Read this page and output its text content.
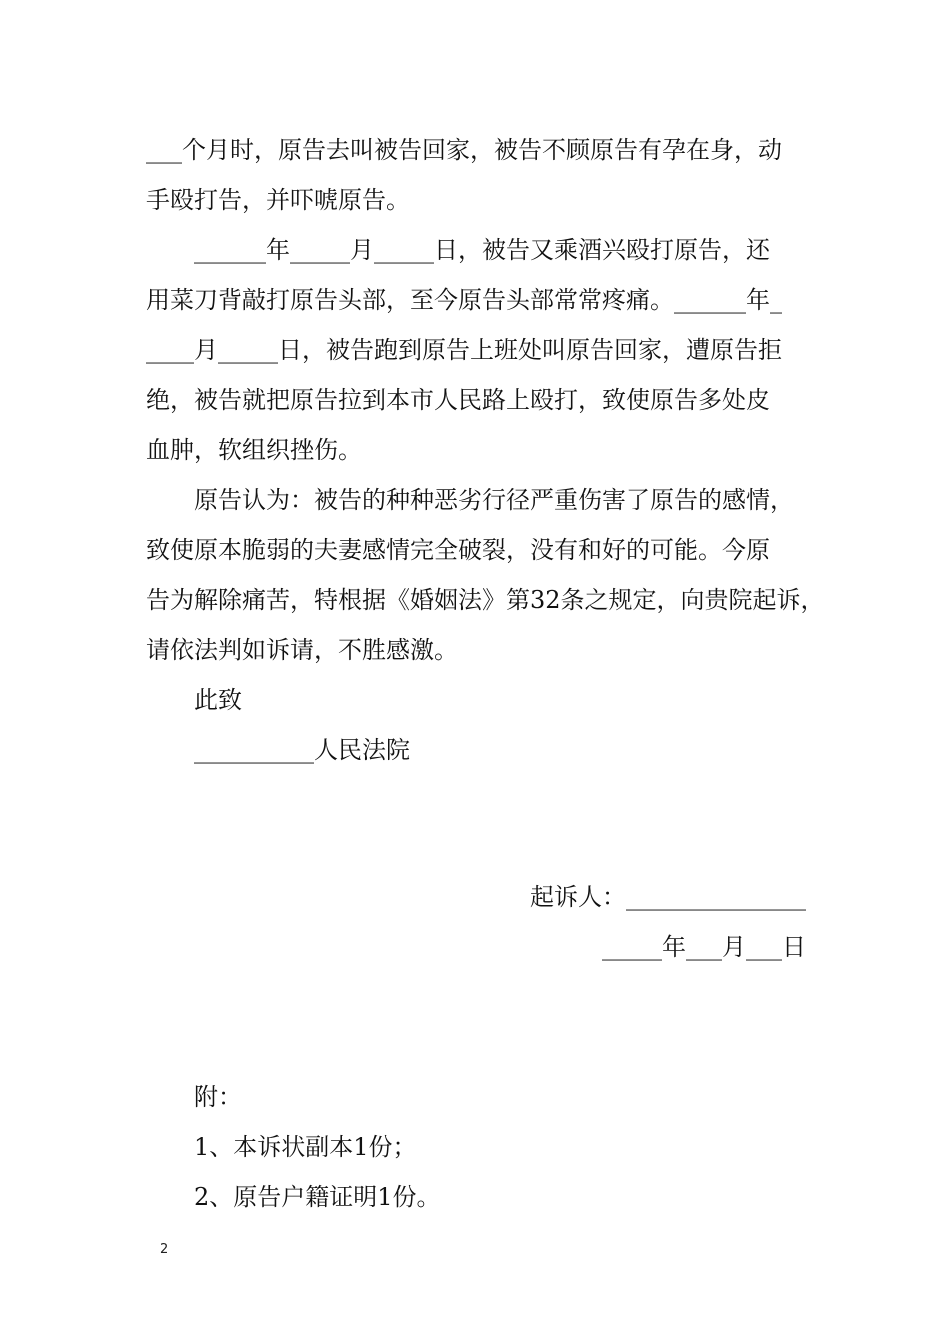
___个月时，原告去叫被告回家，被告不顾原告有孕在身，动
手殴打告，并吓唬原告。
______年_____月_____日，被告又乘酒兴殴打原告，还
用菜刀背敲打原告头部，至今原告头部常常疼痛。______年_
____月_____日，被告跑到原告上班处叫原告回家，遭原告拒
绝，被告就把原告拉到本市人民路上殴打，致使原告多处皮
血肿，软组织挫伤。
原告认为：被告的种种恶劣行径严重伤害了原告的感情，
致使原本脆弱的夫妻感情完全破裂，没有和好的可能。今原
告为解除痛苦，特根据《婚姻法》第32条之规定，向贵院起诉，
请依法判如诉请，不胜感激。
此致
__________人民法院
起诉人：_______________
_____年___月___日
附：
1、本诉状副本1份；
2、原告户籍证明1份。
2
